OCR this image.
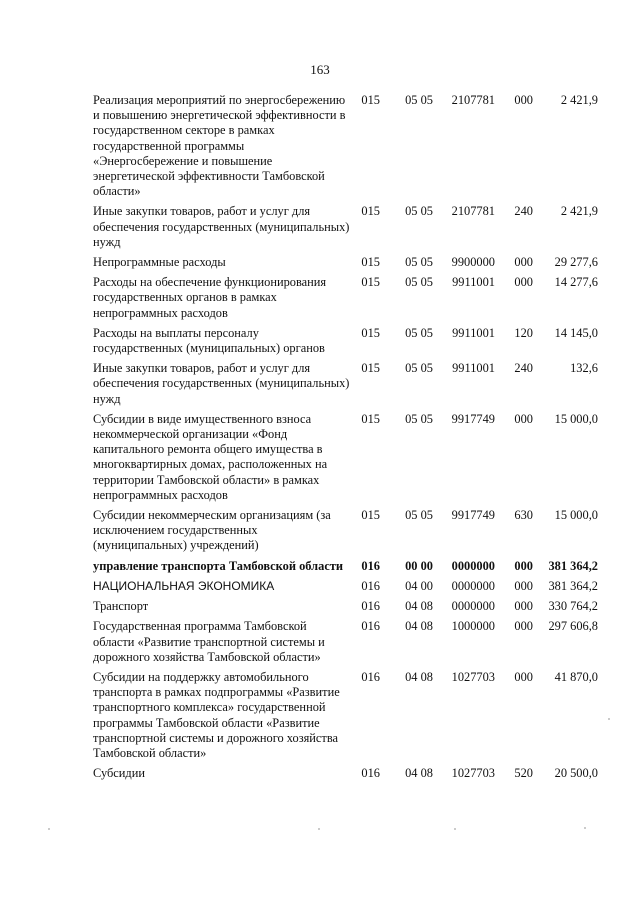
163
Реализация мероприятий по энергосбережению и повышению энергетической эффективности в государственном секторе в рамках государственной программы «Энергосбережение и повышение энергетической эффективности Тамбовской области»	015	05 05	2107781	000	2 421,9

Иные закупки товаров, работ и услуг для обеспечения государственных (муниципальных) нужд	015	05 05	2107781	240	2 421,9

Непрограммные расходы	015	05 05	9900000	000	29 277,6

Расходы на обеспечение функционирования государственных органов в рамках непрограммных расходов	015	05 05	9911001	000	14 277,6

Расходы на выплаты персоналу государственных (муниципальных) органов	015	05 05	9911001	120	14 145,0

Иные закупки товаров, работ и услуг для обеспечения государственных (муниципальных) нужд	015	05 05	9911001	240	132,6

Субсидии в виде имущественного взноса некоммерческой организации «Фонд капитального ремонта общего имущества в многоквартирных домах, расположенных на территории Тамбовской области» в рамках непрограммных расходов	015	05 05	9917749	000	15 000,0

Субсидии некоммерческим организациям (за исключением государственных (муниципальных) учреждений)	015	05 05	9917749	630	15 000,0

управление транспорта Тамбовской области	016	00 00	0000000	000	381 364,2

НАЦИОНАЛЬНАЯ ЭКОНОМИКА	016	04 00	0000000	000	381 364,2

Транспорт	016	04 08	0000000	000	330 764,2

Государственная программа Тамбовской области «Развитие транспортной системы и дорожного хозяйства Тамбовской области»	016	04 08	1000000	000	297 606,8

Субсидии на поддержку автомобильного транспорта в рамках подпрограммы «Развитие транспортного комплекса» государственной программы Тамбовской области «Развитие транспортной системы и дорожного хозяйства Тамбовской области»	016	04 08	1027703	000	41 870,0

Субсидии	016	04 08	1027703	520	20 500,0
